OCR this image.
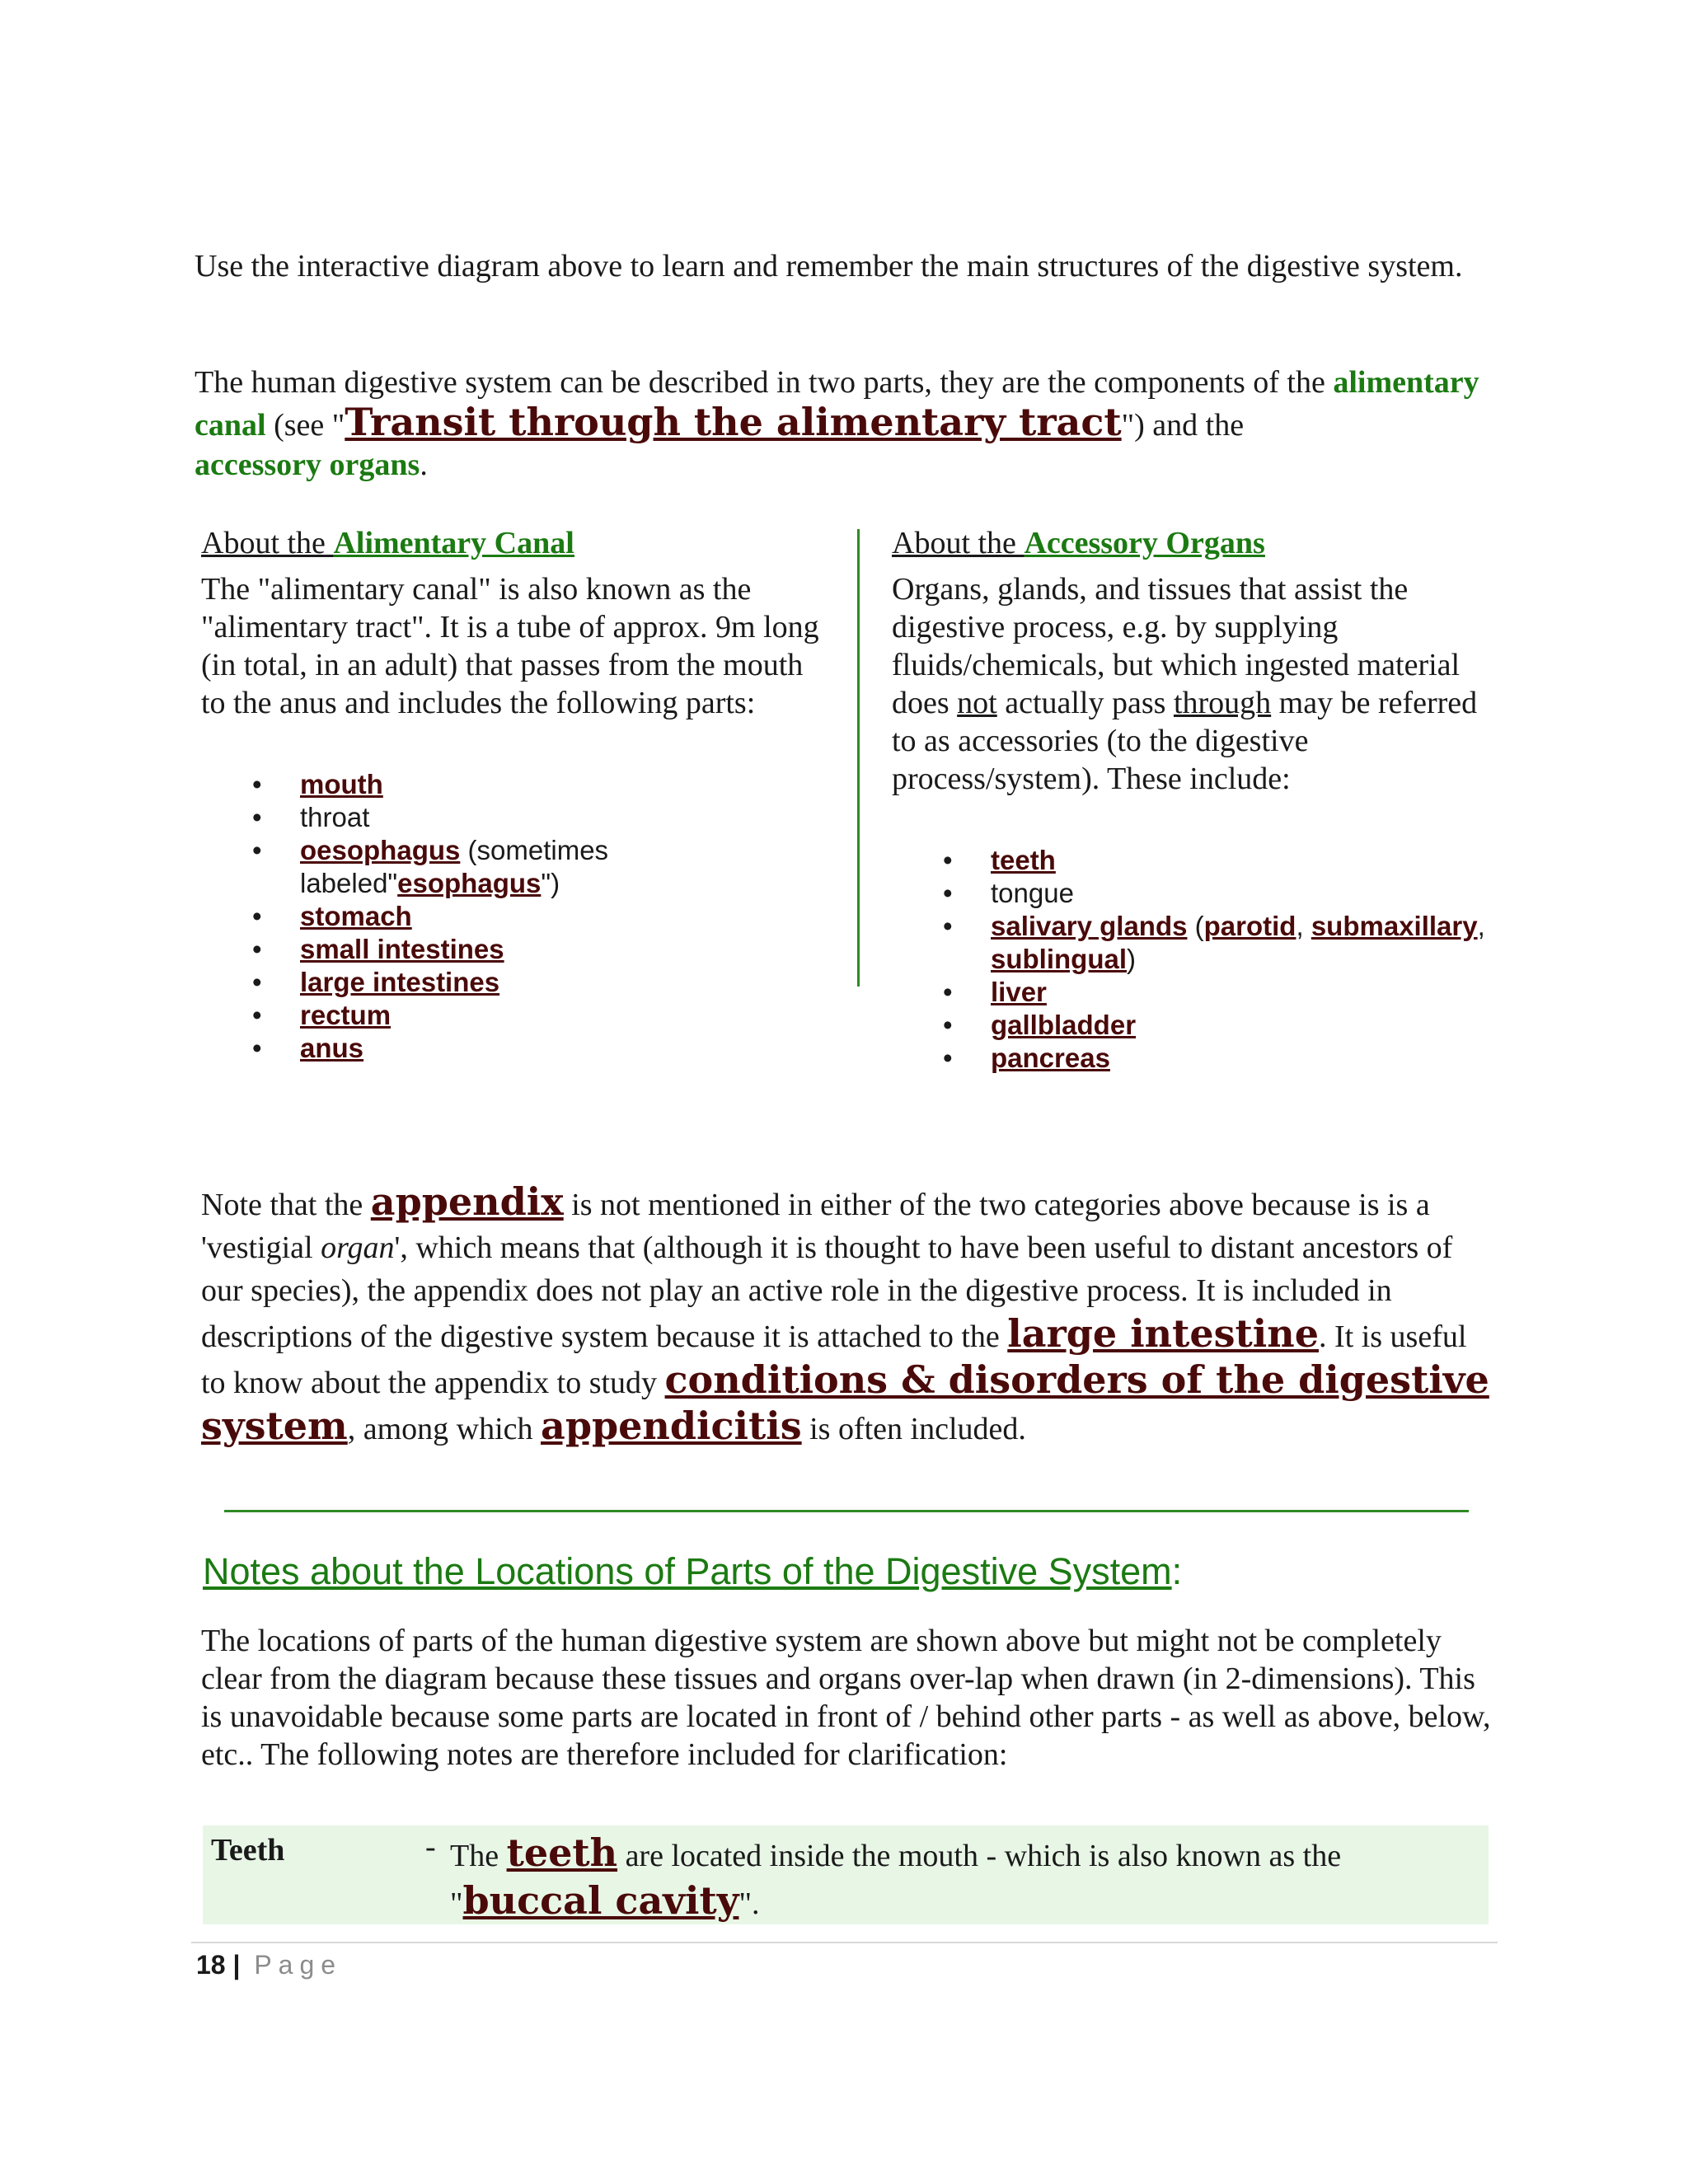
Use the interactive diagram above to learn and remember the main structures of the digestive system.

The human digestive system can be described in two parts, they are the components of the alimentary canal (see "Transit through the alimentary tract") and the
accessory organs.

About the Alimentary Canal
The "alimentary canal" is also known as the "alimentary tract". It is a tube of approx. 9m long (in total, in an adult) that passes from the mouth to the anus and includes the following parts:
• mouth
• throat
• oesophagus (sometimes labeled"esophagus")
• stomach
• small intestines
• large intestines
• rectum
• anus
About the Accessory Organs
Organs, glands, and tissues that assist the digestive process, e.g. by supplying fluids/chemicals, but which ingested material does not actually pass through may be referred to as accessories (to the digestive process/system). These include:
• teeth
• tongue
• salivary glands (parotid, submaxillary, sublingual)
• liver
• gallbladder
• pancreas

Note that the appendix is not mentioned in either of the two categories above because is is a 'vestigial organ', which means that (although it is thought to have been useful to distant ancestors of our species), the appendix does not play an active role in the digestive process. It is included in descriptions of the digestive system because it is attached to the large intestine. It is useful to know about the appendix to study conditions & disorders of the digestive system, among which appendicitis is often included.

Notes about the Locations of Parts of the Digestive System:

The locations of parts of the human digestive system are shown above but might not be completely clear from the diagram because these tissues and organs over-lap when drawn (in 2-dimensions). This is unavoidable because some parts are located in front of / behind other parts - as well as above, below, etc.. The following notes are therefore included for clarification:

Teeth	- The teeth are located inside the mouth - which is also known as the "buccal cavity".
18 | Page
